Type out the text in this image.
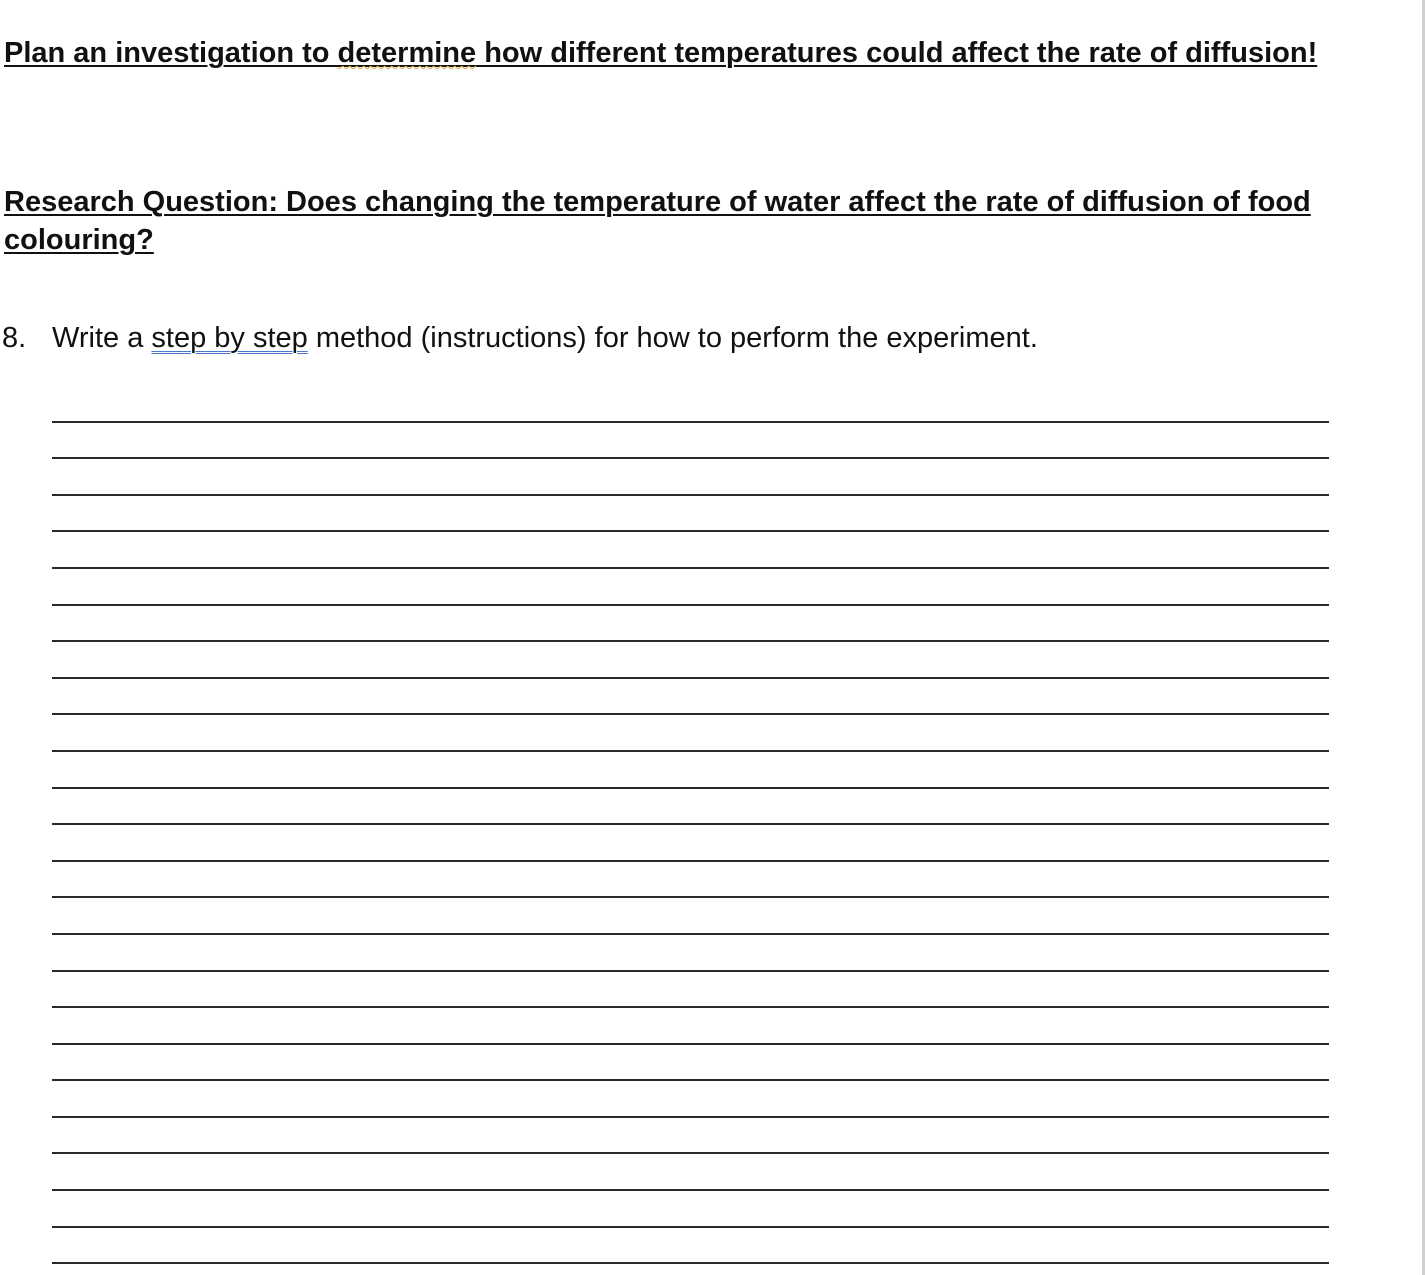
Plan an investigation to determine how different temperatures could affect the rate of diffusion!
Research Question: Does changing the temperature of water affect the rate of diffusion of food colouring?

8. Write a step by step method (instructions) for how to perform the experiment.
